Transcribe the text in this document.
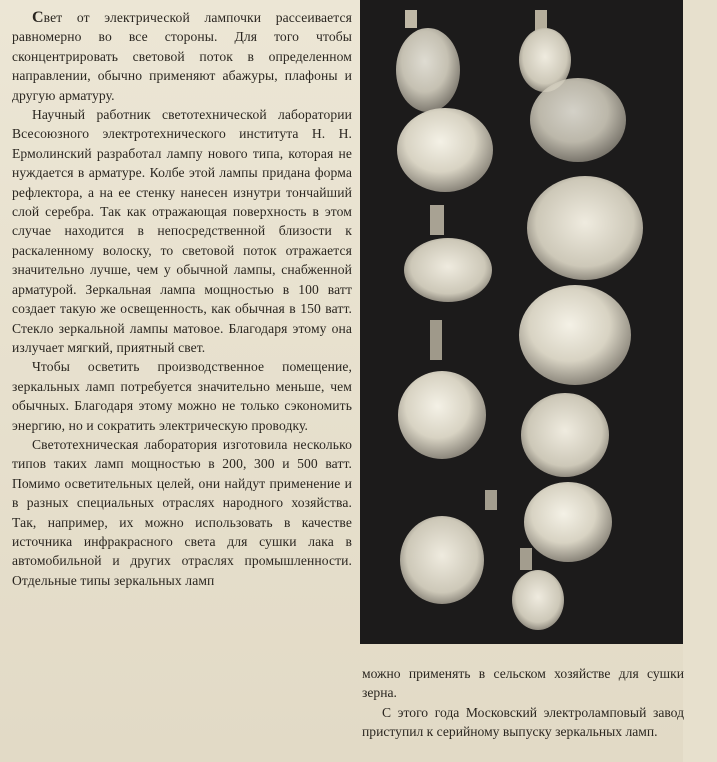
Свет от электрической лампочки рассеивается равномерно во все стороны. Для того чтобы сконцентрировать световой поток в определенном направлении, обычно применяют абажуры, плафоны и другую арматуру.

Научный работник светотехнической лаборатории Всесоюзного электротехнического института Н. Н. Ермолинский разработал лампу нового типа, которая не нуждается в арматуре. Колбе этой лампы придана форма рефлектора, а на ее стенку нанесен изнутри тончайший слой серебра. Так как отражающая поверхность в этом случае находится в непосредственной близости к раскаленному волоску, то световой поток отражается значительно лучше, чем у обычной лампы, снабженной арматурой. Зеркальная лампа мощностью в 100 ватт создает такую же освещенность, как обычная в 150 ватт. Стекло зеркальной лампы матовое. Благодаря этому она излучает мягкий, приятный свет.

Чтобы осветить производственное помещение, зеркальных ламп потребуется значительно меньше, чем обычных. Благодаря этому можно не только сэкономить энергию, но и сократить электрическую проводку.

Светотехническая лаборатория изготовила несколько типов таких ламп мощностью в 200, 300 и 500 ватт. Помимо осветительных целей, они найдут применение и в разных специальных отраслях народного хозяйства. Так, например, их можно использовать в качестве источника инфракрасного света для сушки лака в автомобильной и других отраслях промышленности. Отдельные типы зеркальных ламп

можно применять в сельском хозяйстве для сушки зерна.

С этого года Московский электроламповый завод приступил к серийному выпуску зеркальных ламп.
